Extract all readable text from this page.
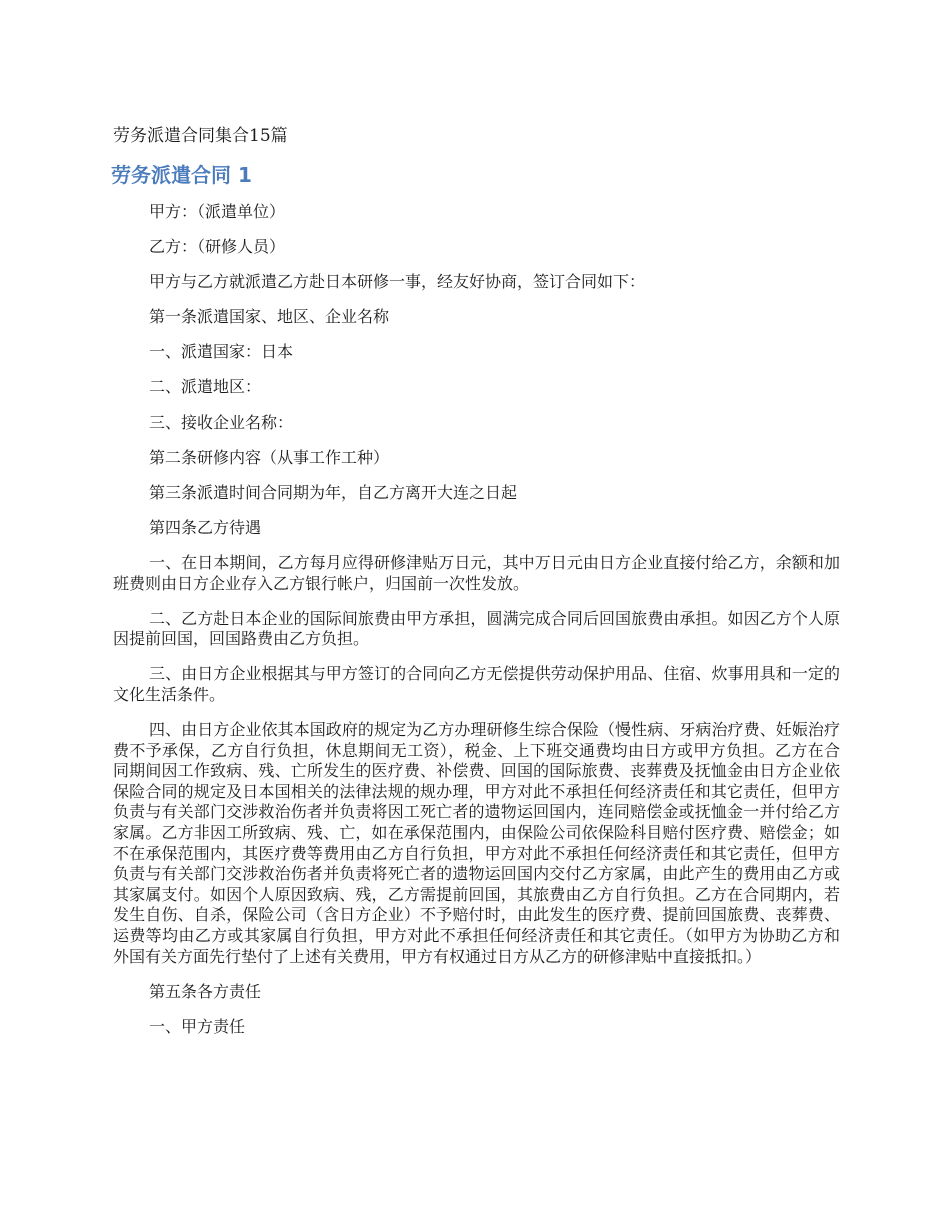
劳务派遣合同集合15篇
劳务派遣合同 1

甲方：（派遣单位）

乙方：（研修人员）

甲方与乙方就派遣乙方赴日本研修一事，经友好协商，签订合同如下：

第一条派遣国家、地区、企业名称

一、派遣国家：日本

二、派遣地区：

三、接收企业名称：

第二条研修内容（从事工作工种）

第三条派遣时间合同期为年，自乙方离开大连之日起

第四条乙方待遇

一、在日本期间，乙方每月应得研修津贴万日元，其中万日元由日方企业直接付给乙方，余额和加班费则由日方企业存入乙方银行帐户，归国前一次性发放。

二、乙方赴日本企业的国际间旅费由甲方承担，圆满完成合同后回国旅费由承担。如因乙方个人原因提前回国，回国路费由乙方负担。

三、由日方企业根据其与甲方签订的合同向乙方无偿提供劳动保护用品、住宿、炊事用具和一定的文化生活条件。

四、由日方企业依其本国政府的规定为乙方办理研修生综合保险（慢性病、牙病治疗费、妊娠治疗费不予承保，乙方自行负担，休息期间无工资），税金、上下班交通费均由日方或甲方负担。乙方在合同期间因工作致病、残、亡所发生的医疗费、补偿费、回国的国际旅费、丧葬费及抚恤金由日方企业依保险合同的规定及日本国相关的法律法规的规办理，甲方对此不承担任何经济责任和其它责任，但甲方负责与有关部门交涉救治伤者并负责将因工死亡者的遗物运回国内，连同赔偿金或抚恤金一并付给乙方家属。乙方非因工所致病、残、亡，如在承保范围内，由保险公司依保险科目赔付医疗费、赔偿金；如不在承保范围内，其医疗费等费用由乙方自行负担，甲方对此不承担任何经济责任和其它责任，但甲方负责与有关部门交涉救治伤者并负责将死亡者的遗物运回国内交付乙方家属，由此产生的费用由乙方或其家属支付。如因个人原因致病、残，乙方需提前回国，其旅费由乙方自行负担。乙方在合同期内，若发生自伤、自杀，保险公司（含日方企业）不予赔付时，由此发生的医疗费、提前回国旅费、丧葬费、运费等均由乙方或其家属自行负担，甲方对此不承担任何经济责任和其它责任。（如甲方为协助乙方和外国有关方面先行垫付了上述有关费用，甲方有权通过日方从乙方的研修津贴中直接抵扣。）

第五条各方责任

一、甲方责任
